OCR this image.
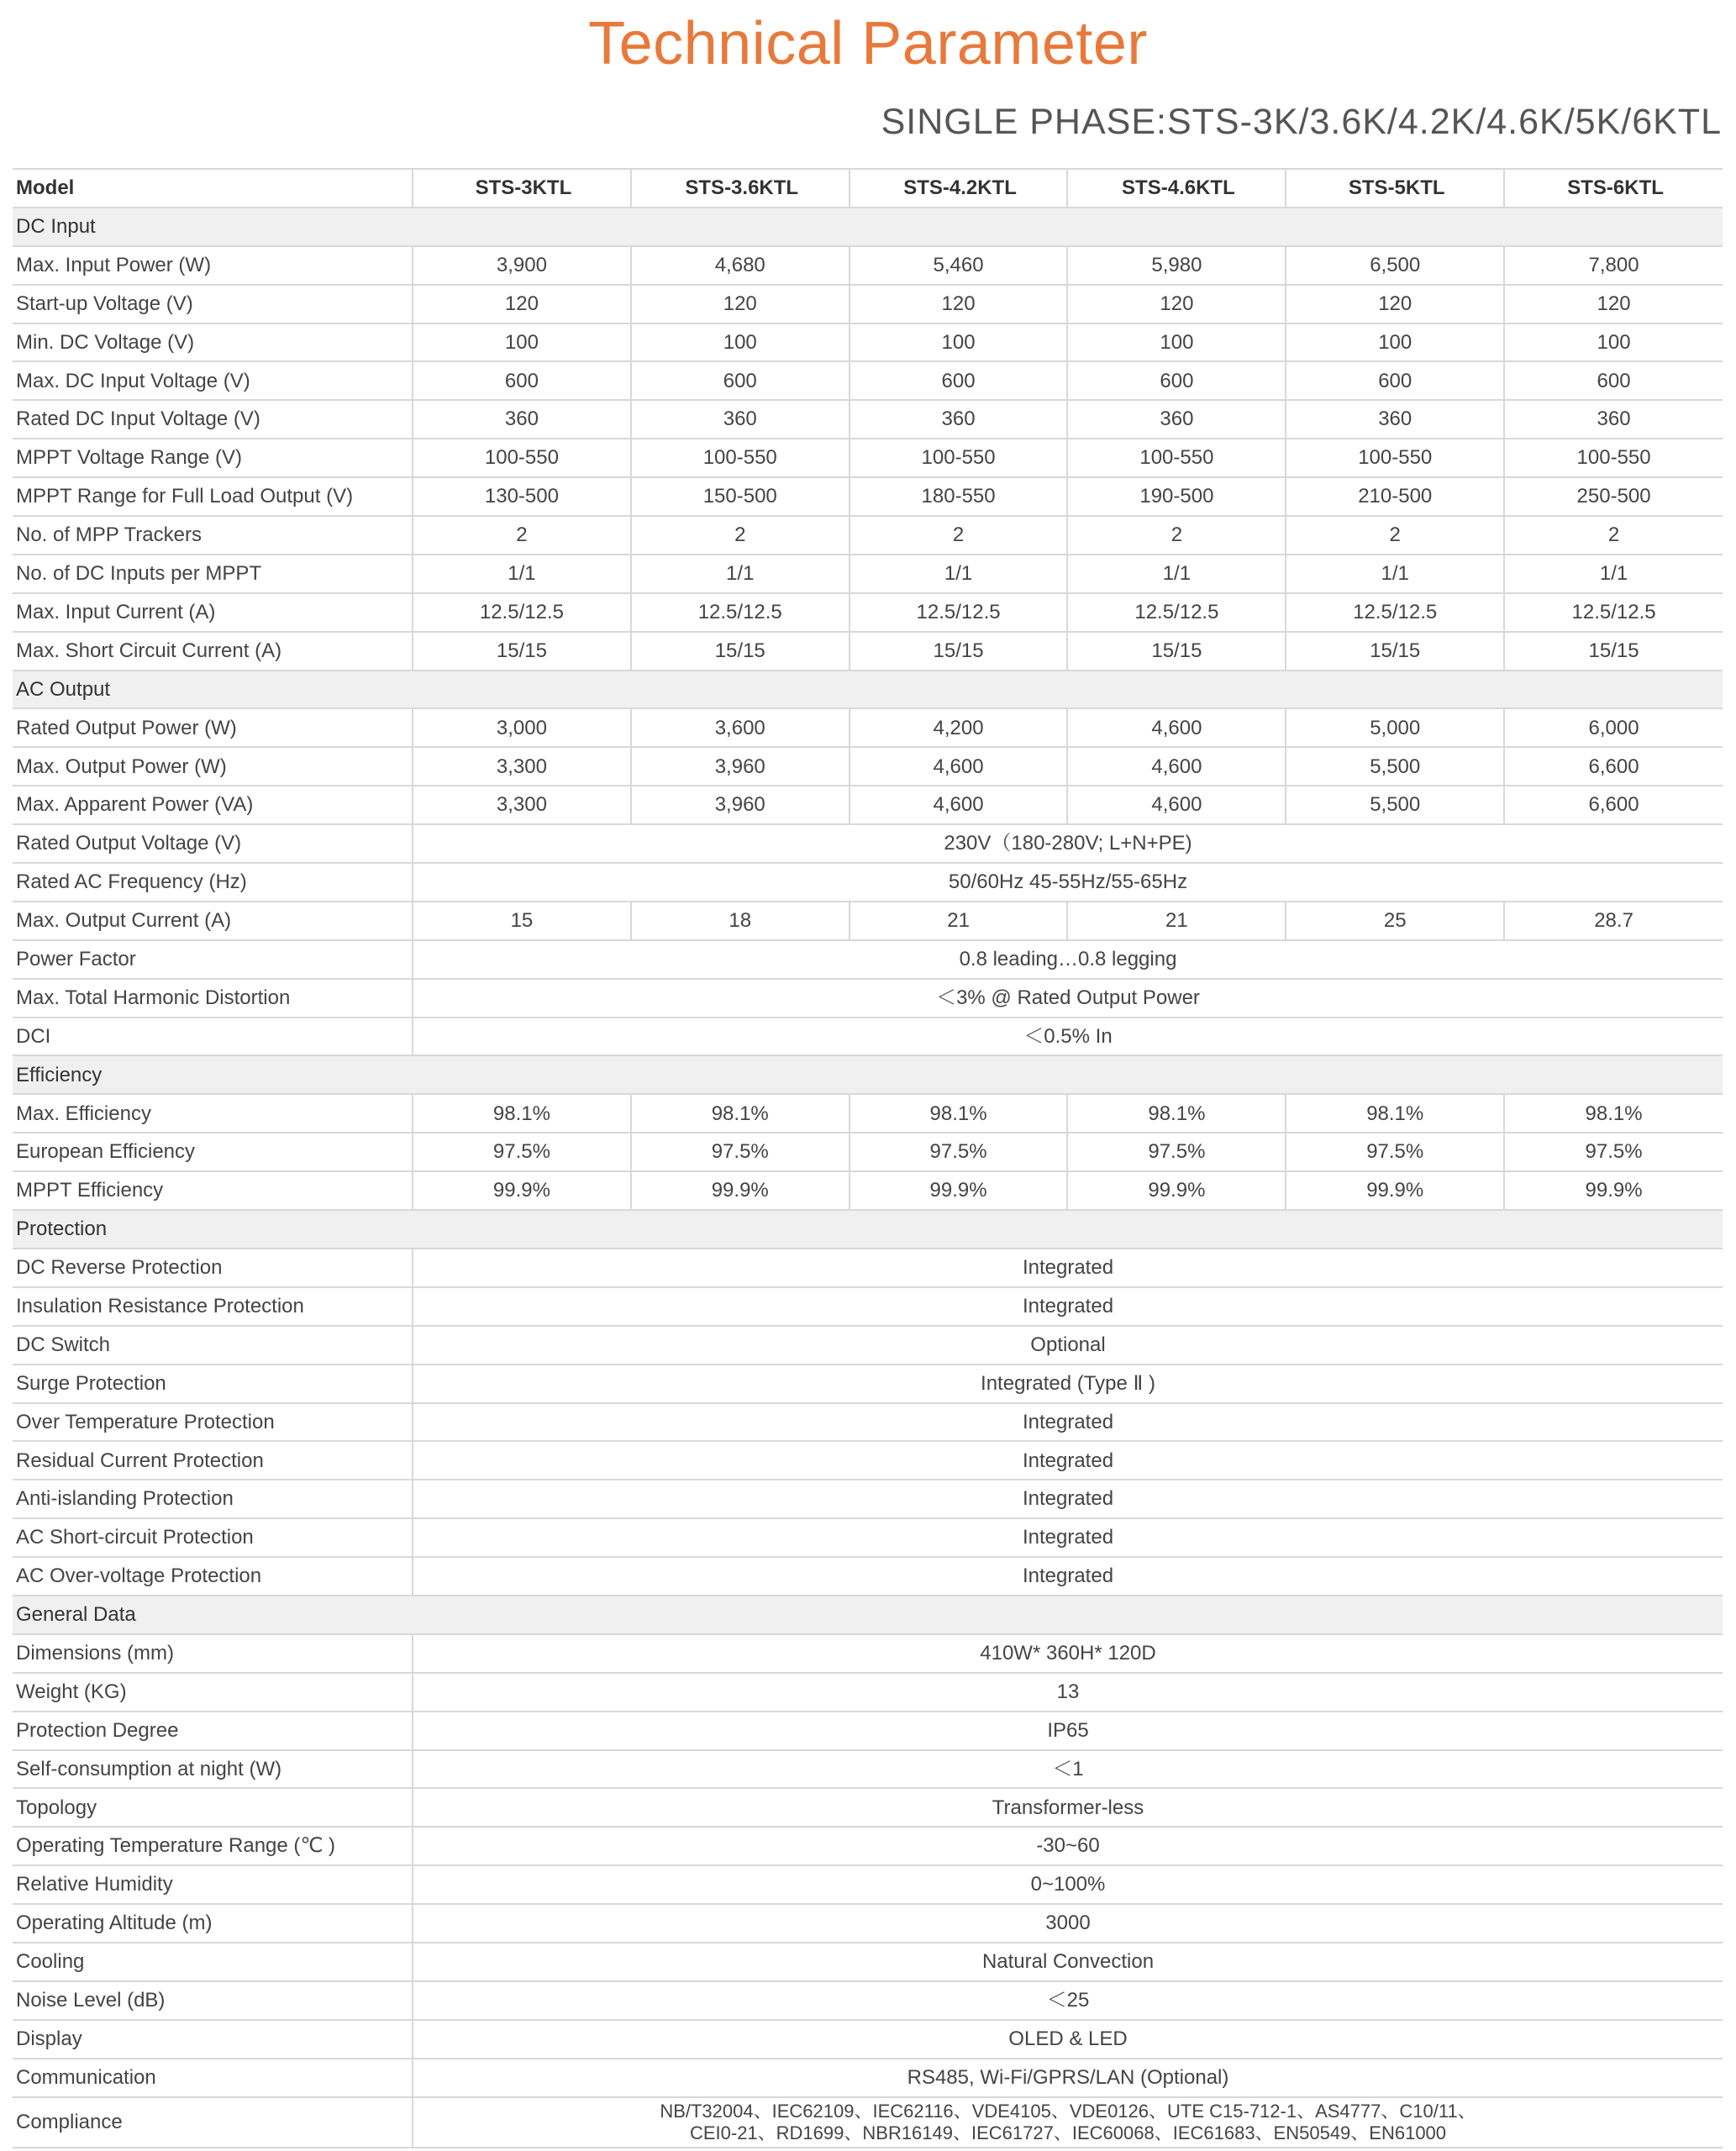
Technical Parameter
SINGLE PHASE:STS-3K/3.6K/4.2K/4.6K/5K/6KTL
Model	STS-3KTL	STS-3.6KTL	STS-4.2KTL	STS-4.6KTL	STS-5KTL	STS-6KTL
DC Input						
Max. Input Power (W)	3,900	4,680	5,460	5,980	6,500	7,800
Start-up Voltage (V)	120	120	120	120	120	120
Min. DC Voltage (V)	100	100	100	100	100	100
Max. DC Input Voltage (V)	600	600	600	600	600	600
Rated DC Input Voltage (V)	360	360	360	360	360	360
MPPT Voltage Range (V)	100-550	100-550	100-550	100-550	100-550	100-550
MPPT Range for Full Load Output (V)	130-500	150-500	180-550	190-500	210-500	250-500
No. of MPP Trackers	2	2	2	2	2	2
No. of DC Inputs per MPPT	1/1	1/1	1/1	1/1	1/1	1/1
Max. Input Current (A)	12.5/12.5	12.5/12.5	12.5/12.5	12.5/12.5	12.5/12.5	12.5/12.5
Max. Short Circuit Current (A)	15/15	15/15	15/15	15/15	15/15	15/15
AC Output						
Rated Output Power (W)	3,000	3,600	4,200	4,600	5,000	6,000
Max. Output Power (W)	3,300	3,960	4,600	4,600	5,500	6,600
Max. Apparent Power (VA)	3,300	3,960	4,600	4,600	5,500	6,600
Rated Output Voltage (V)	230V（180-280V; L+N+PE)					
Rated AC Frequency (Hz)	50/60Hz 45-55Hz/55-65Hz					
Max. Output Current (A)	15	18	21	21	25	28.7
Power Factor	0.8 leading…0.8 legging					
Max. Total Harmonic Distortion	＜3% @ Rated Output Power					
DCI	＜0.5% In					
Efficiency						
Max. Efficiency	98.1%	98.1%	98.1%	98.1%	98.1%	98.1%
European Efficiency	97.5%	97.5%	97.5%	97.5%	97.5%	97.5%
MPPT Efficiency	99.9%	99.9%	99.9%	99.9%	99.9%	99.9%
Protection						
DC Reverse Protection	Integrated					
Insulation Resistance Protection	Integrated					
DC Switch	Optional					
Surge Protection	Integrated (Type Ⅱ )					
Over Temperature Protection	Integrated					
Residual Current Protection	Integrated					
Anti-islanding Protection	Integrated					
AC Short-circuit Protection	Integrated					
AC Over-voltage Protection	Integrated					
General Data						
Dimensions (mm)	410W* 360H* 120D					
Weight (KG)	13					
Protection Degree	IP65					
Self-consumption at night (W)	＜1					
Topology	Transformer-less					
Operating Temperature Range (℃ )	-30~60					
Relative Humidity	0~100%					
Operating Altitude (m)	3000					
Cooling	Natural Convection					
Noise Level (dB)	＜25					
Display	OLED & LED					
Communication	RS485, Wi-Fi/GPRS/LAN (Optional)					
Compliance	NB/T32004、IEC62109、IEC62116、VDE4105、VDE0126、UTE C15-712-1、AS4777、C10/11、
CEI0-21、RD1699、NBR16149、IEC61727、IEC60068、IEC61683、EN50549、EN61000					
